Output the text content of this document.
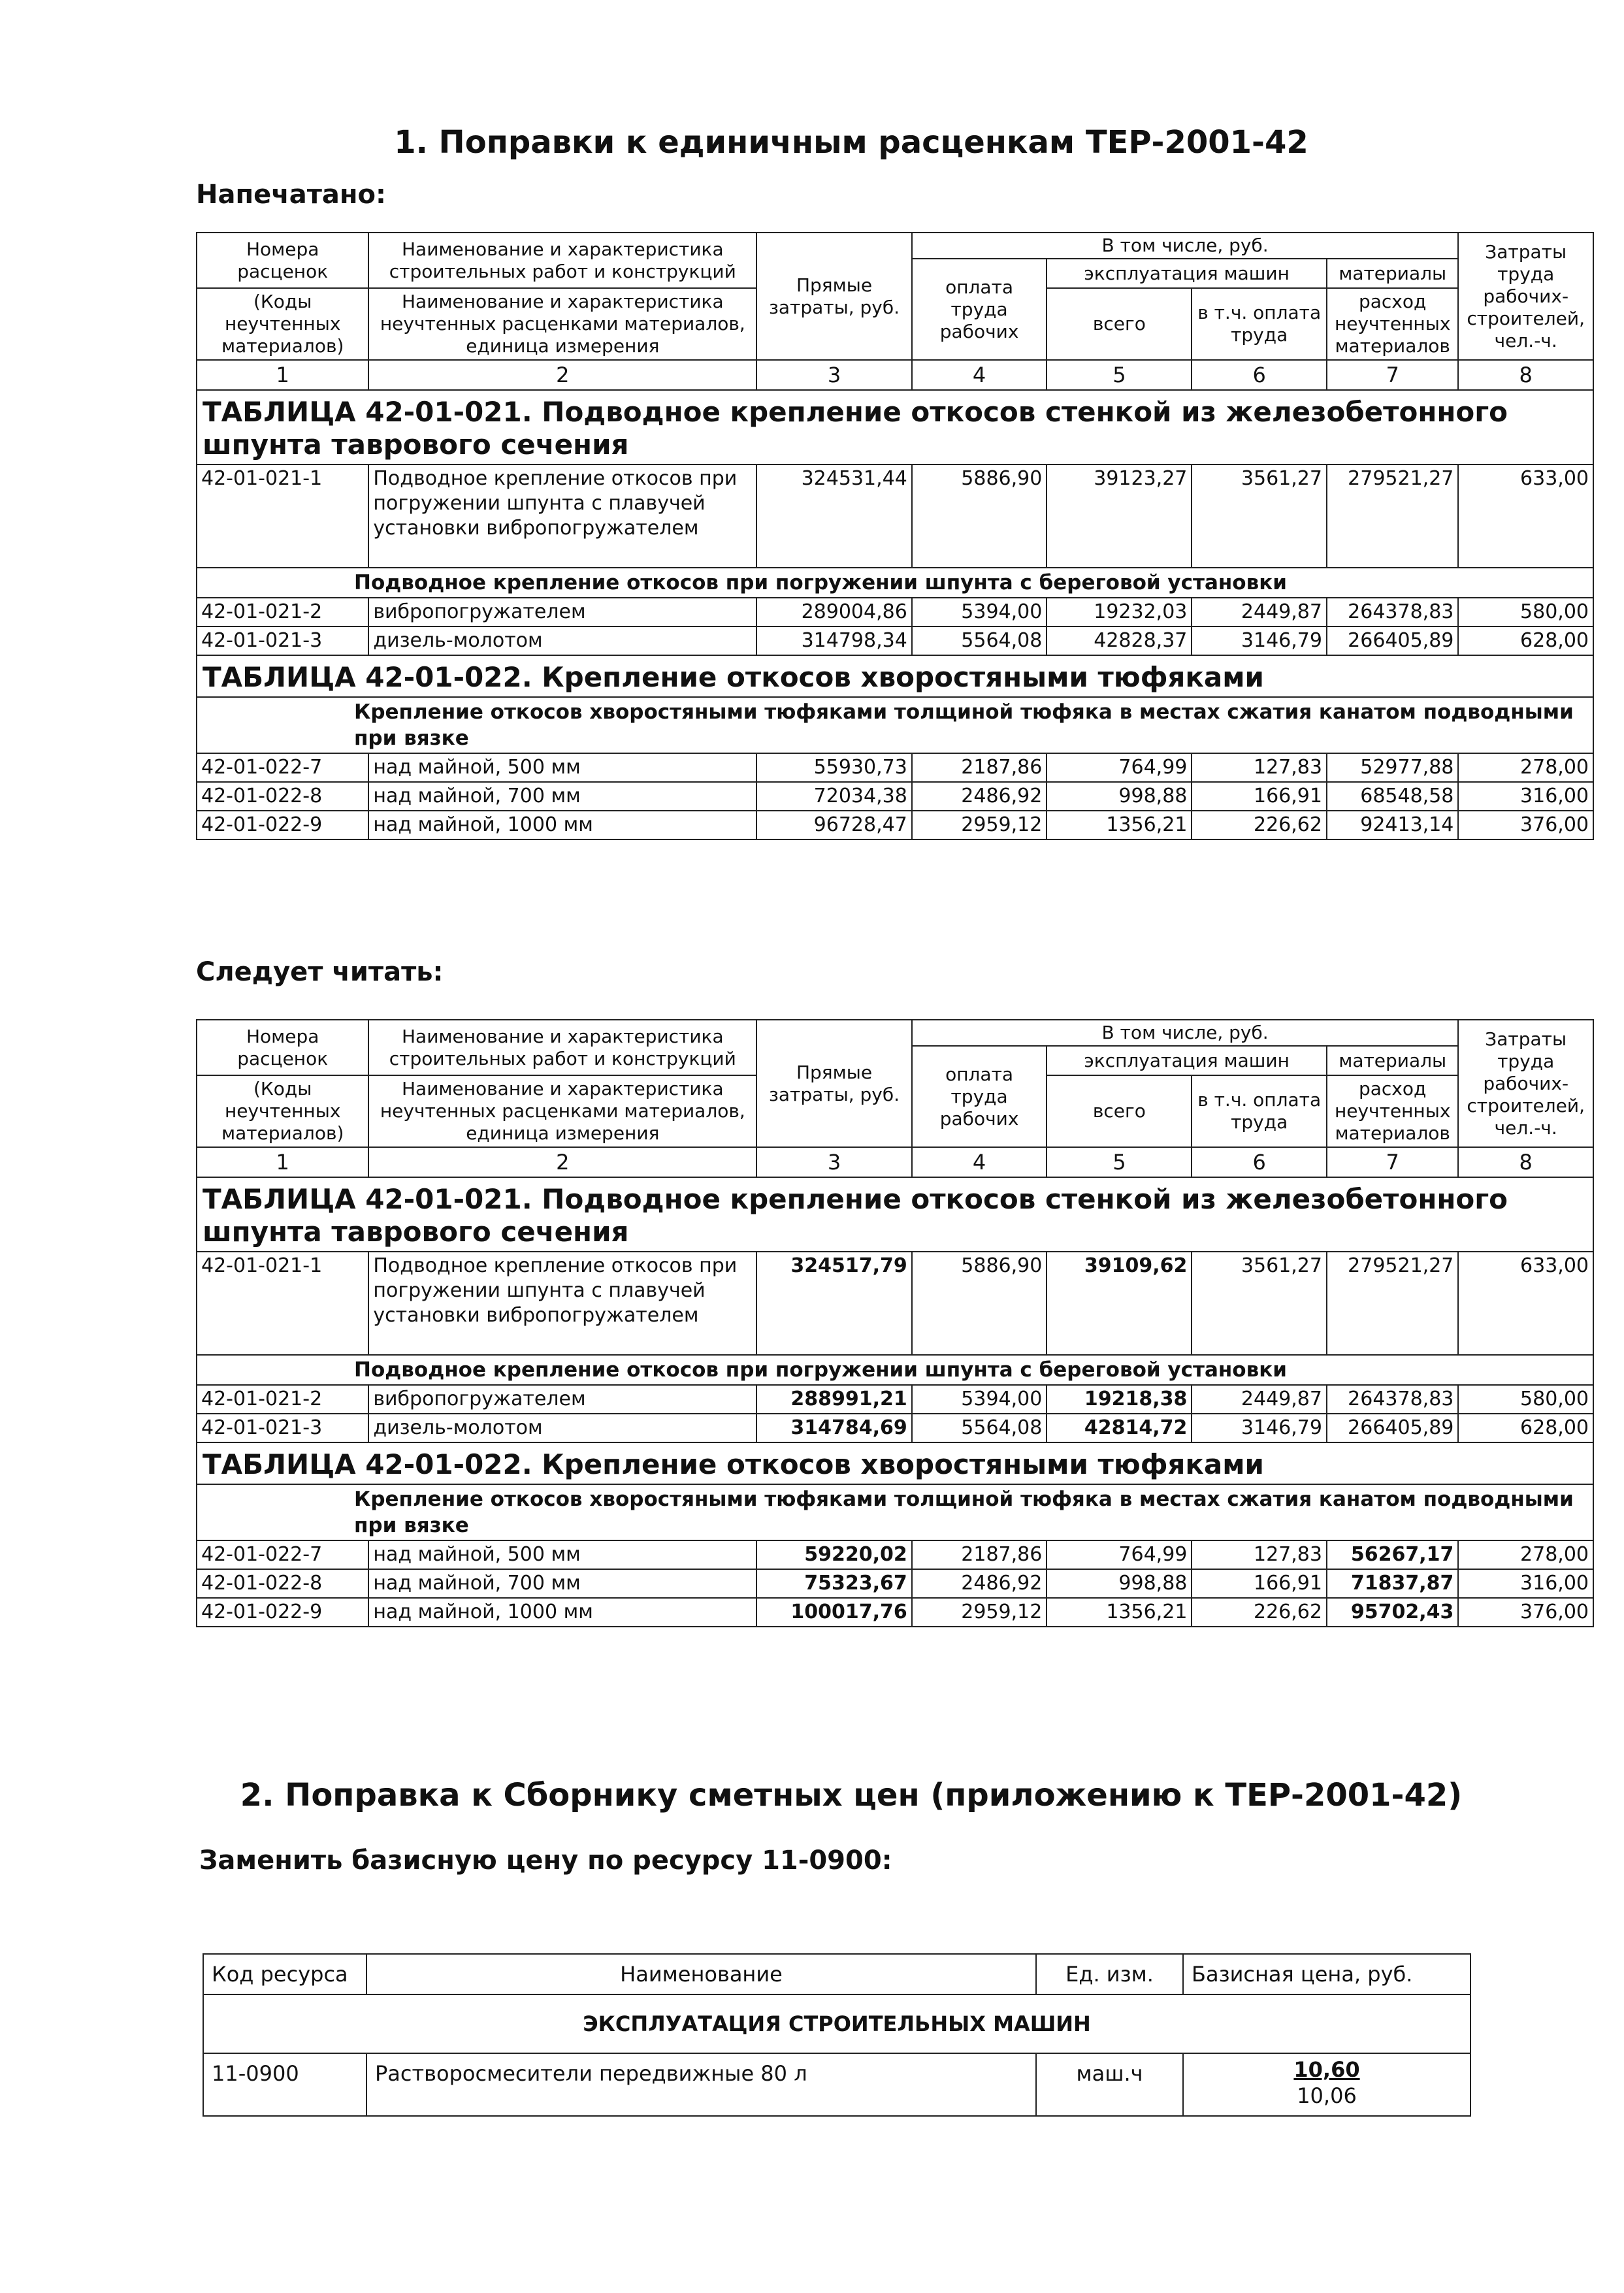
1. Поправки к единичным расценкам ТЕР-2001-42
Напечатано:
Номера расценок	Наименование и характеристика строительных работ и конструкций	Прямые затраты, руб.	В том числе, руб.				Затраты труда рабочих-строителей, чел.-ч.
			оплата труда рабочих	эксплуатация машин		материалы	
(Коды неучтенных материалов)	Наименование и характеристика неучтенных расценками материалов, единица измерения			всего	в т.ч. оплата труда	расход неучтенных материалов	
1	2	3	4	5	6	7	8
ТАБЛИЦА 42-01-021. Подводное крепление откосов стенкой из железобетонного шпунта таврового сечения							
42-01-021-1	Подводное крепление откосов при погружении шпунта с плавучей установки вибропогружателем	324531,44	5886,90	39123,27	3561,27	279521,27	633,00
Подводное крепление откосов при погружении шпунта с береговой установки							
42-01-021-2	вибропогружателем	289004,86	5394,00	19232,03	2449,87	264378,83	580,00
42-01-021-3	дизель-молотом	314798,34	5564,08	42828,37	3146,79	266405,89	628,00
ТАБЛИЦА 42-01-022. Крепление откосов хворостяными тюфяками							
Крепление откосов хворостяными тюфяками толщиной тюфяка в местах сжатия канатом подводными при вязке							
42-01-022-7	над майной, 500 мм	55930,73	2187,86	764,99	127,83	52977,88	278,00
42-01-022-8	над майной, 700 мм	72034,38	2486,92	998,88	166,91	68548,58	316,00
42-01-022-9	над майной, 1000 мм	96728,47	2959,12	1356,21	226,62	92413,14	376,00
Следует читать:
Номера расценок	Наименование и характеристика строительных работ и конструкций	Прямые затраты, руб.	В том числе, руб.				Затраты труда рабочих-строителей, чел.-ч.
			оплата труда рабочих	эксплуатация машин		материалы	
(Коды неучтенных материалов)	Наименование и характеристика неучтенных расценками материалов, единица измерения			всего	в т.ч. оплата труда	расход неучтенных материалов	
1	2	3	4	5	6	7	8
ТАБЛИЦА 42-01-021. Подводное крепление откосов стенкой из железобетонного шпунта таврового сечения							
42-01-021-1	Подводное крепление откосов при погружении шпунта с плавучей установки вибропогружателем	324517,79	5886,90	39109,62	3561,27	279521,27	633,00
Подводное крепление откосов при погружении шпунта с береговой установки							
42-01-021-2	вибропогружателем	288991,21	5394,00	19218,38	2449,87	264378,83	580,00
42-01-021-3	дизель-молотом	314784,69	5564,08	42814,72	3146,79	266405,89	628,00
ТАБЛИЦА 42-01-022. Крепление откосов хворостяными тюфяками							
Крепление откосов хворостяными тюфяками толщиной тюфяка в местах сжатия канатом подводными при вязке							
42-01-022-7	над майной, 500 мм	59220,02	2187,86	764,99	127,83	56267,17	278,00
42-01-022-8	над майной, 700 мм	75323,67	2486,92	998,88	166,91	71837,87	316,00
42-01-022-9	над майной, 1000 мм	100017,76	2959,12	1356,21	226,62	95702,43	376,00
2. Поправка к Сборнику сметных цен (приложению к ТЕР-2001-42)
Заменить базисную цену по ресурсу 11-0900:
Код ресурса	Наименование	Ед. изм.	Базисная цена, руб.
ЭКСПЛУАТАЦИЯ СТРОИТЕЛЬНЫХ МАШИН			
11-0900	Растворосмесители передвижные 80 л	маш.ч	10,60
10,06
